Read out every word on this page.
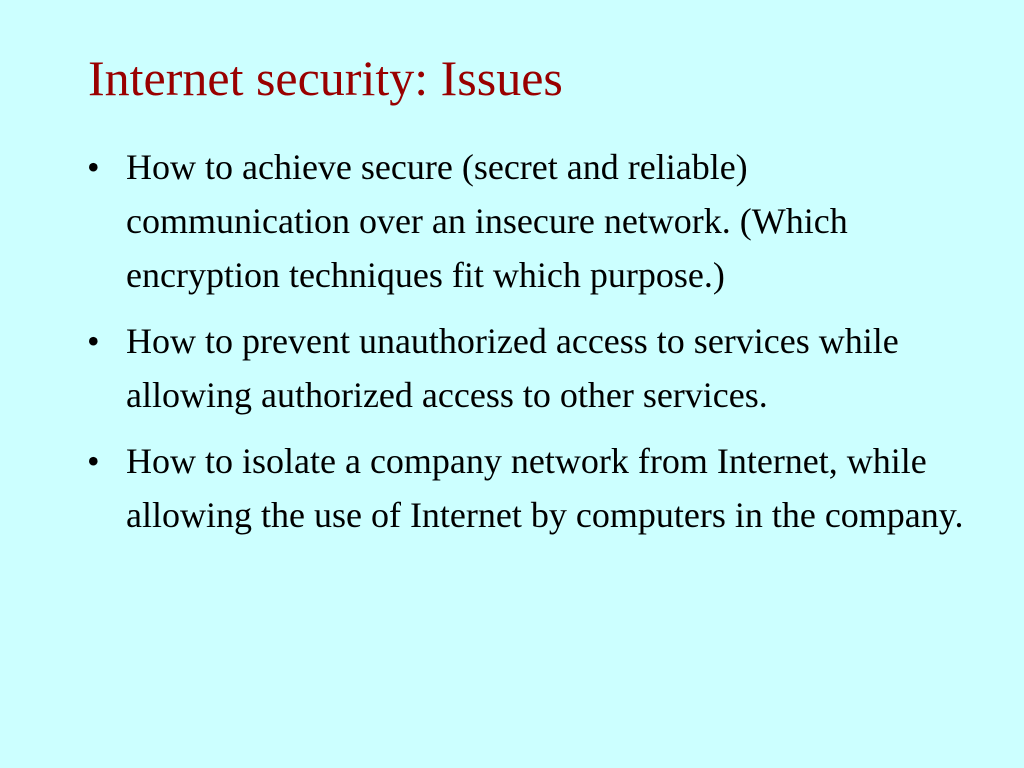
Internet security: Issues
• How to achieve secure (secret and reliable) communication over an insecure network. (Which encryption techniques fit which purpose.)
• How to prevent unauthorized access to services while allowing authorized access to other services.
• How to isolate a company network from Internet, while allowing the use of Internet by computers in the company.
